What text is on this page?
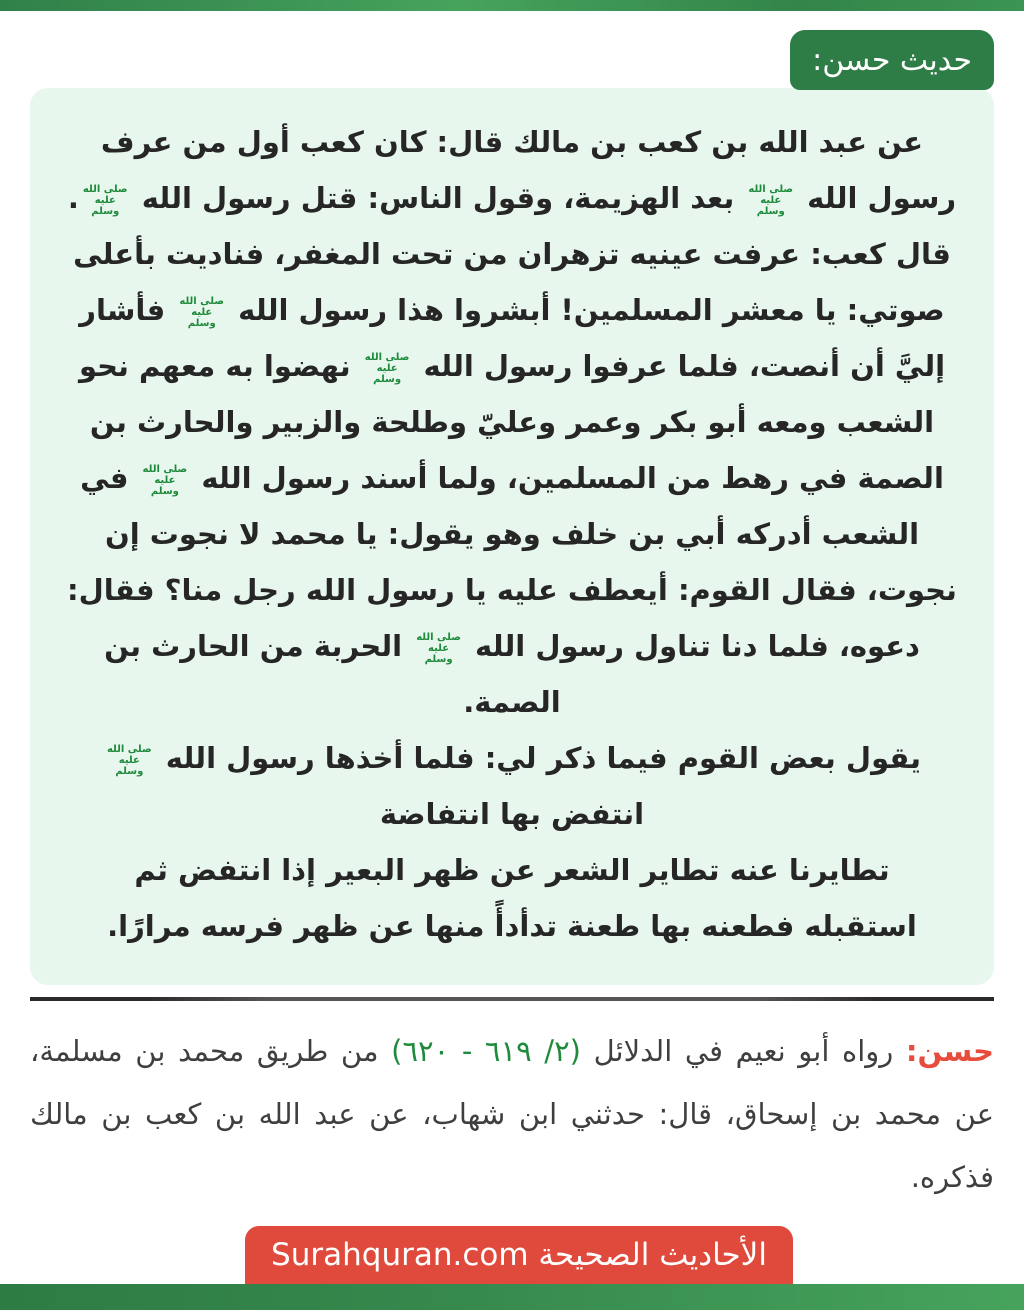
حديث حسن:
عن عبد الله بن كعب بن مالك قال: كان كعب أول من عرف
رسول الله
صلى الله
عليه
وسلم
بعد الهزيمة، وقول الناس: قتل رسول الله
صلى الله
عليه
وسلم
.
قال كعب: عرفت عينيه تزهران من تحت المغفر، فناديت بأعلى
صوتي: يا معشر المسلمين! أبشروا هذا رسول الله
صلى الله
عليه
وسلم
فأشار
إليَّ أن أنصت، فلما عرفوا رسول الله
صلى الله
عليه
وسلم
نهضوا به معهم نحو
الشعب ومعه أبو بكر وعمر وعليّ وطلحة والزبير والحارث بن
الصمة في رهط من المسلمين، ولما أسند رسول الله
صلى الله
عليه
وسلم
في
الشعب أدركه أبي بن خلف وهو يقول: يا محمد لا نجوت إن
نجوت، فقال القوم: أيعطف عليه يا رسول الله رجل منا؟ فقال:
دعوه، فلما دنا تناول رسول الله
صلى الله
عليه
وسلم
الحربة من الحارث بن
الصمة.
يقول بعض القوم فيما ذكر لي: فلما أخذها رسول الله
صلى الله
عليه
وسلم
انتفض بها انتفاضة
تطايرنا عنه تطاير الشعر عن ظهر البعير إذا انتفض ثم
استقبله فطعنه بها طعنة تدأدأً منها عن ظهر فرسه مرارًا.

حسن: رواه أبو نعيم في الدلائل (٢/ ٦١٩ - ٦٢٠) من طريق محمد بن مسلمة، عن محمد بن إسحاق، قال: حدثني ابن شهاب، عن عبد الله بن كعب بن مالك فذكره.

الأحاديث الصحيحة Surahquran.com
